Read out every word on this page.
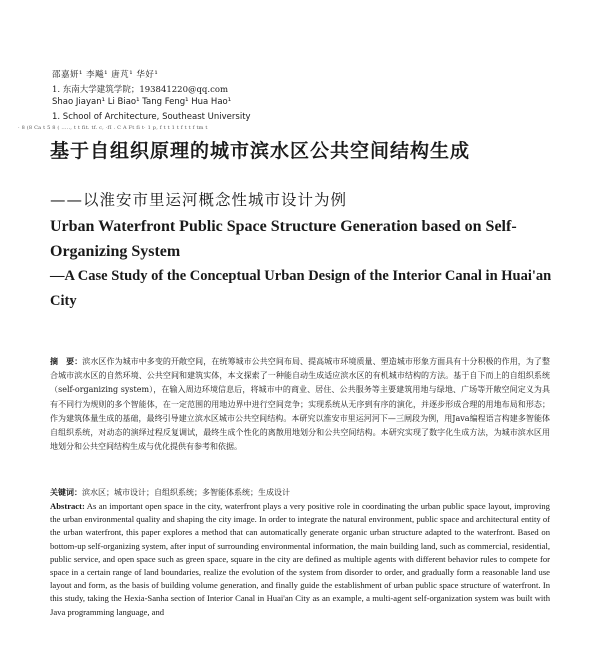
邵嘉妍¹ 李飚¹ 唐芃¹ 华好¹
1. 东南大学建筑学院；193841220@qq.com
Shao Jiayan¹ Li Biao¹ Tang Feng¹ Hua Hao¹
1. School of Architecture, Southeast University
· 8 (8 Ca t 5 8 ( ....., t t fit. tf. c, ·fI . C A Ft fi t· 1 p, f t t 1 t f t t f tm t
基于自组织原理的城市滨水区公共空间结构生成
——以淮安市里运河概念性城市设计为例
Urban Waterfront Public Space Structure Generation based on Self-Organizing System
—A Case Study of the Conceptual Urban Design of the Interior Canal in Huai'an City
摘　要：滨水区作为城市中多变的开敞空间，在统筹城市公共空间布局、提高城市环境质量、塑造城市形象方面具有十分积极的作用，为了整合城市滨水区的自然环境、公共空间和建筑实体，本文探索了一种能自动生成适应滨水区的有机城市结构的方法。基于自下而上的自组织系统（self-organizing system），在输入周边环境信息后，将城市中的商业、居住、公共服务等主要建筑用地与绿地、广场等开敞空间定义为具有不同行为规则的多个智能体，在一定范围的用地边界中进行空间竞争；实现系统从无序到有序的演化，并逐步形成合理的用地布局和形态；作为建筑体量生成的基础，最终引导建立滨水区城市公共空间结构。本研究以淮安市里运河河下—三闸段为例，用Java编程语言构建多智能体自组织系统，对动态的演绎过程反复调试，最终生成个性化的离散用地划分和公共空间结构。本研究实现了数字化生成方法，为城市滨水区用地划分和公共空间结构生成与优化提供有参考和依据。
关键词：滨水区；城市设计；自组织系统；多智能体系统；生成设计
Abstract: As an important open space in the city, waterfront plays a very positive role in coordinating the urban public space layout, improving the urban environmental quality and shaping the city image. In order to integrate the natural environment, public space and architectural entity of the urban waterfront, this paper explores a method that can automatically generate organic urban structure adapted to the waterfront. Based on bottom-up self-organizing system, after input of surrounding environmental information, the main building land, such as commercial, residential, public service, and open space such as green space, square in the city are defined as multiple agents with different behavior rules to compete for space in a certain range of land boundaries, realize the evolution of the system from disorder to order, and gradually form a reasonable land use layout and form, as the basis of building volume generation, and finally guide the establishment of urban public space structure of waterfront. In this study, taking the Hexia-Sanha section of Interior Canal in Huai'an City as an example, a multi-agent self-organization system was built with Java programming language, and
